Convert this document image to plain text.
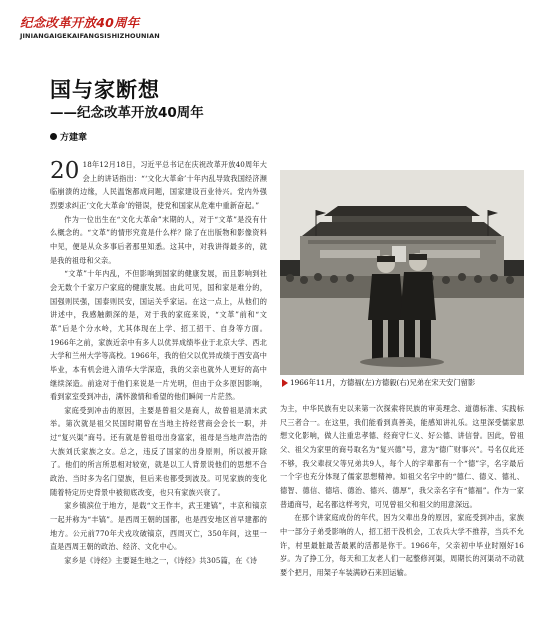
纪念改革开放40周年
JINIANGAIGEKAIFANGSISHIZHOUNIAN
国与家断想
——纪念改革开放40周年
方建章

20 18年12月18日，习近平总书记在庆祝改革开放40周年大会上的讲话指出：“‘文化大革命’十年内乱导致我国经济濒临崩溃的边缘，人民温饱都成问题，国家建设百业待兴。党内外强烈要求纠正‘文化大革命’的错误，使党和国家从危难中重新奋起。”

作为一位出生在“文化大革命”末期的人，对于“文革”是没有什么概念的。“文革”的情形究竟是什么样？除了在出版物和影像资料中见，便是从众多事后者那里知悉。这其中，对我讲得最多的，就是我的祖母和父亲。

“文革”十年内乱，不但影响到国家的健康发展，而且影响到社会无数个千家万户家庭的健康发展。由此可见，国和家是难分的，国强则民强，国泰则民安，国运关乎家运。在这一点上，从他们的讲述中，我感触颇深的是，对于我的家庭来说，“文革”前和“文革”后是个分水岭，尤其体现在上学、招工招干、自身等方面。1966年之前，家族近亲中有多人以优异成绩毕业于北京大学、西北大学和兰州大学等高校。1966年，我的伯父以优异成绩于西安高中毕业，本有机会进入清华大学深造，我的父亲也就外人更好的高中继续深造。前途对于他们来说是一片光明，但由于众多原因影响，看到家室受到冲击，满怀激情和希望的他们瞬间一片茫然。

家庭受到冲击的原因，主要是曾祖父是商人，故曾祖是清末武举。第次就是祖父民国时期曾在当地主持经营商会会长一职，并过“复兴渠”商号。还有就是曾祖母出身富家，祖母是当地声浩浩的大族刘氏家族之女。总之，违反了国家的出身原则，所以被开除了。他们的所言所思相对较宽，就是以工人背景说他们的思想不合政治、当时多为名门望族，但后来也都受到波及。可见家族的变化随着特定历史背景中被彻底改变，也只有家族兴衰了。

家乡镇滨位于地方，是载“文王作丰，武王建镐”，丰京和镐京一起并称为“丰镐”。是西周王朝的国都，也是西安地区首早建都的地方。公元前770年犬戎攻破镐京，西周灭亡，350年间，这里一直是西周王朝的政治、经济、文化中心。

家乡是《诗经》主要诞生地之一，《诗经》共305篇，在《诗

1966年11月，方德福(左)方德毅(右)兄弟在宋天安门留影

为主，中华民族有史以来第一次探索将民族的审美理念、道德标准、实践标尺三者合一。在这里，我们能看到真善美，能感知讲礼乐。这里深受儒家思想文化影响，做人注重忠孝德、经商守仁义、好公德、讲信誉。因此，曾祖父、祖父为家里的商号取名为“复兴德”号，意为“德广财事兴”。号名仅此还不够，我父辈叔父等兄弟共9人，每个人的字辈都有一个“德”字，名字最后一个字也充分体现了儒家思想精神。如祖父名字中的“德仁、德义、德礼、德智、德信、德培、德治、德兴、德厚”，我父亲名字有“德福”。作为一家普通商号，起名都这样考究，可见曾祖父和祖父的用意深远。

在那个讲家庭成份的年代，因为父辈出身的原因，家庭受到冲击，家族中一部分子弟受影响的人，招工招干没机会，工农兵大学不推荐，当兵不允许，村里最脏最苦最累的活都是你干。1966年，父亲初中毕业时刚好16岁。为了挣工分，每天和工友老人们一起整修河渠，周期长的河渠动不动就要个把月，用架子车装满砂石来回运输。
